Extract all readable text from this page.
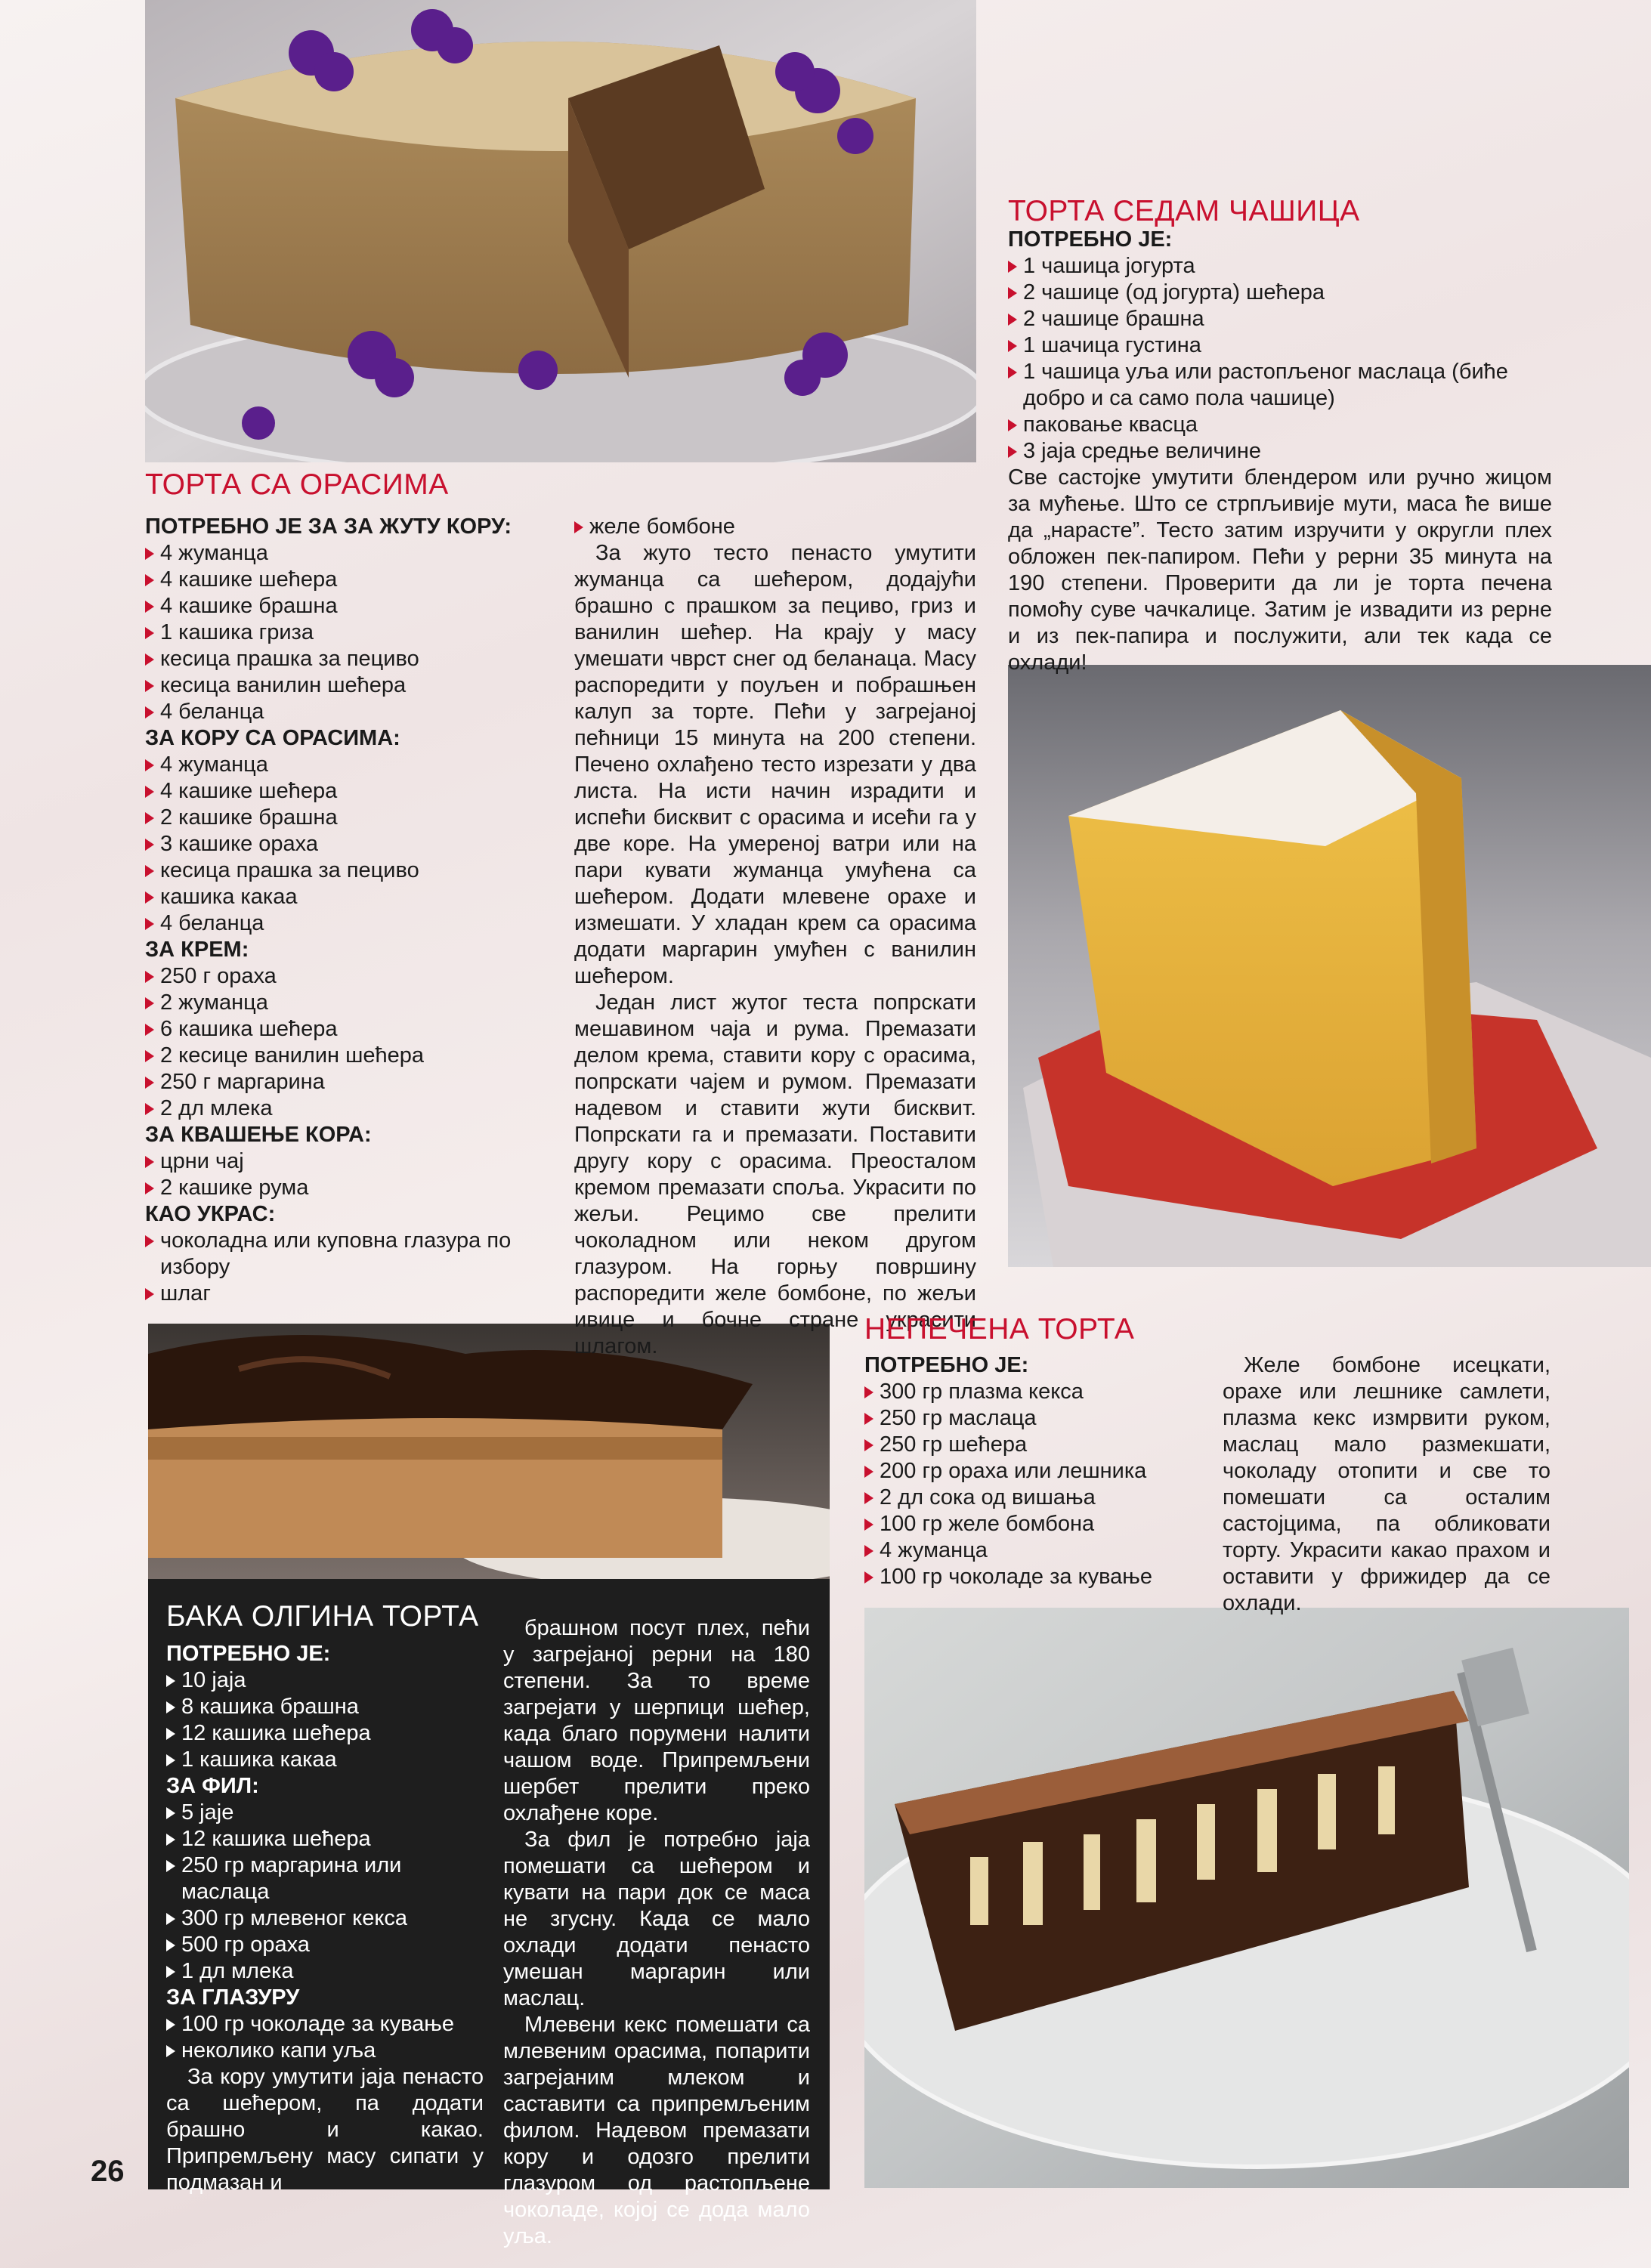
ТОРТА СА ОРАСИМА
ПОТРЕБНО ЈЕ ЗА ЗА ЖУТУ КОРУ:
4 жуманца
4 кашике шећера
4 кашике брашна
1 кашика гриза
кесица прашка за пециво
кесица ванилин шећера
4 беланца
ЗА КОРУ СА ОРАСИМА:
4 жуманца
4 кашике шећера
2 кашике брашна
3 кашике ораха
кесица прашка за пециво
кашика какаа
4 беланца
ЗА КРЕМ:
250 г ораха
2 жуманца
6 кашика шећера
2 кесице ванилин шећера
250 г маргарина
2 дл млека
ЗА КВАШЕЊЕ КОРА:
црни чај
2 кашике рума
КАО УКРАС:
чоколадна или куповна глазура по избору
шлаг
желе бомбоне

За жуто тесто пенасто умутити жуманца са шећером, додајући брашно с прашком за пециво, гриз и ванилин шећер. На крају у масу умешати чврст снег од беланаца. Масу распоредити у поуљен и побрашњен калуп за торте. Пећи у загрејаној пећници 15 минута на 200 степени. Печено охлађено тесто изрезати у два листа. На исти начин израдити и испећи бисквит с орасима и исећи га у две коре. На умереној ватри или на пари кувати жуманца умућена са шећером. Додати млевене орахе и измешати. У хладан крем са орасима додати маргарин умућен с ванилин шећером.

Један лист жутог теста попрскати мешавином чаја и рума. Премазати делом крема, ставити кору с орасима, попрскати чајем и румом. Премазати надевом и ставити жути бисквит. Попрскати га и премазати. Поставити другу кору с орасима. Преосталом кремом премазати споља. Украсити по жељи. Рецимо све прелити чоколадном или неком другом глазуром. На горњу површину распоредити желе бомбоне, по жељи ивице и бочне стране украсити шлагом.

ТОРТА СЕДАМ ЧАШИЦА
ПОТРЕБНО ЈЕ:
1 чашица јогурта
2 чашице (од јогурта) шећера
2 чашице брашна
1 шачица густина
1 чашица уља или растопљеног маслаца (биће добро и са само пола чашице)
паковање квасца
3 јаја средње величине

Све састојке умутити блендером или ручно жицом за мућење. Што се стрпљивије мути, маса ће више да „нарасте”. Тесто затим изручити у округли плех обложен пек-папиром. Пећи у рерни 35 минута на 190 степени. Проверити да ли је торта печена помоћу суве чачкалице. Затим је извадити из рерне и из пек-папира и послужити, али тек када се охлади!

НЕПЕЧЕНА ТОРТА
ПОТРЕБНО ЈЕ:
300 гр плазма кекса
250 гр маслаца
250 гр шећера
200 гр ораха или лешника
2 дл сока од вишања
100 гр желе бомбона
4 жуманца
100 гр чоколаде за кување

Желе бомбоне исецкати, орахе или лешнике самлети, плазма кекс измрвити руком, маслац мало размекшати, чоколаду отопити и све то помешати са осталим састојцима, па обликовати торту. Украсити какао прахом и оставити у фрижидер да се охлади.

БАКА ОЛГИНА ТОРТА
ПОТРЕБНО ЈЕ:
10 јаја
8 кашика брашна
12 кашика шећера
1 кашика какаа
ЗА ФИЛ:
5 јаје
12 кашика шећера
250 гр маргарина или маслаца
300 гр млевеног кекса
500 гр ораха
1 дл млека
ЗА ГЛАЗУРУ
100 гр чоколаде за кување
неколико капи уља

За кору умутити јаја пенасто са шећером, па додати брашно и какао. Припремљену масу сипати у подмазан и

брашном посут плех, пећи у загрејаној рерни на 180 степени. За то време загрејати у шерпици шећер, када благо порумени налити чашом воде. Припремљени шербет прелити преко охлађене коре.

За фил је потребно јаја помешати са шећером и кувати на пари док се маса не згусну. Када се мало охлади додати пенасто умешан маргарин или маслац.

Млевени кекс помешати са млевеним орасима, попарити загрејаним млеком и саставити са припремљеним филом. Надевом премазати кору и одозго прелити глазуром од растопљене чоколаде, којој се дода мало уља.

26
